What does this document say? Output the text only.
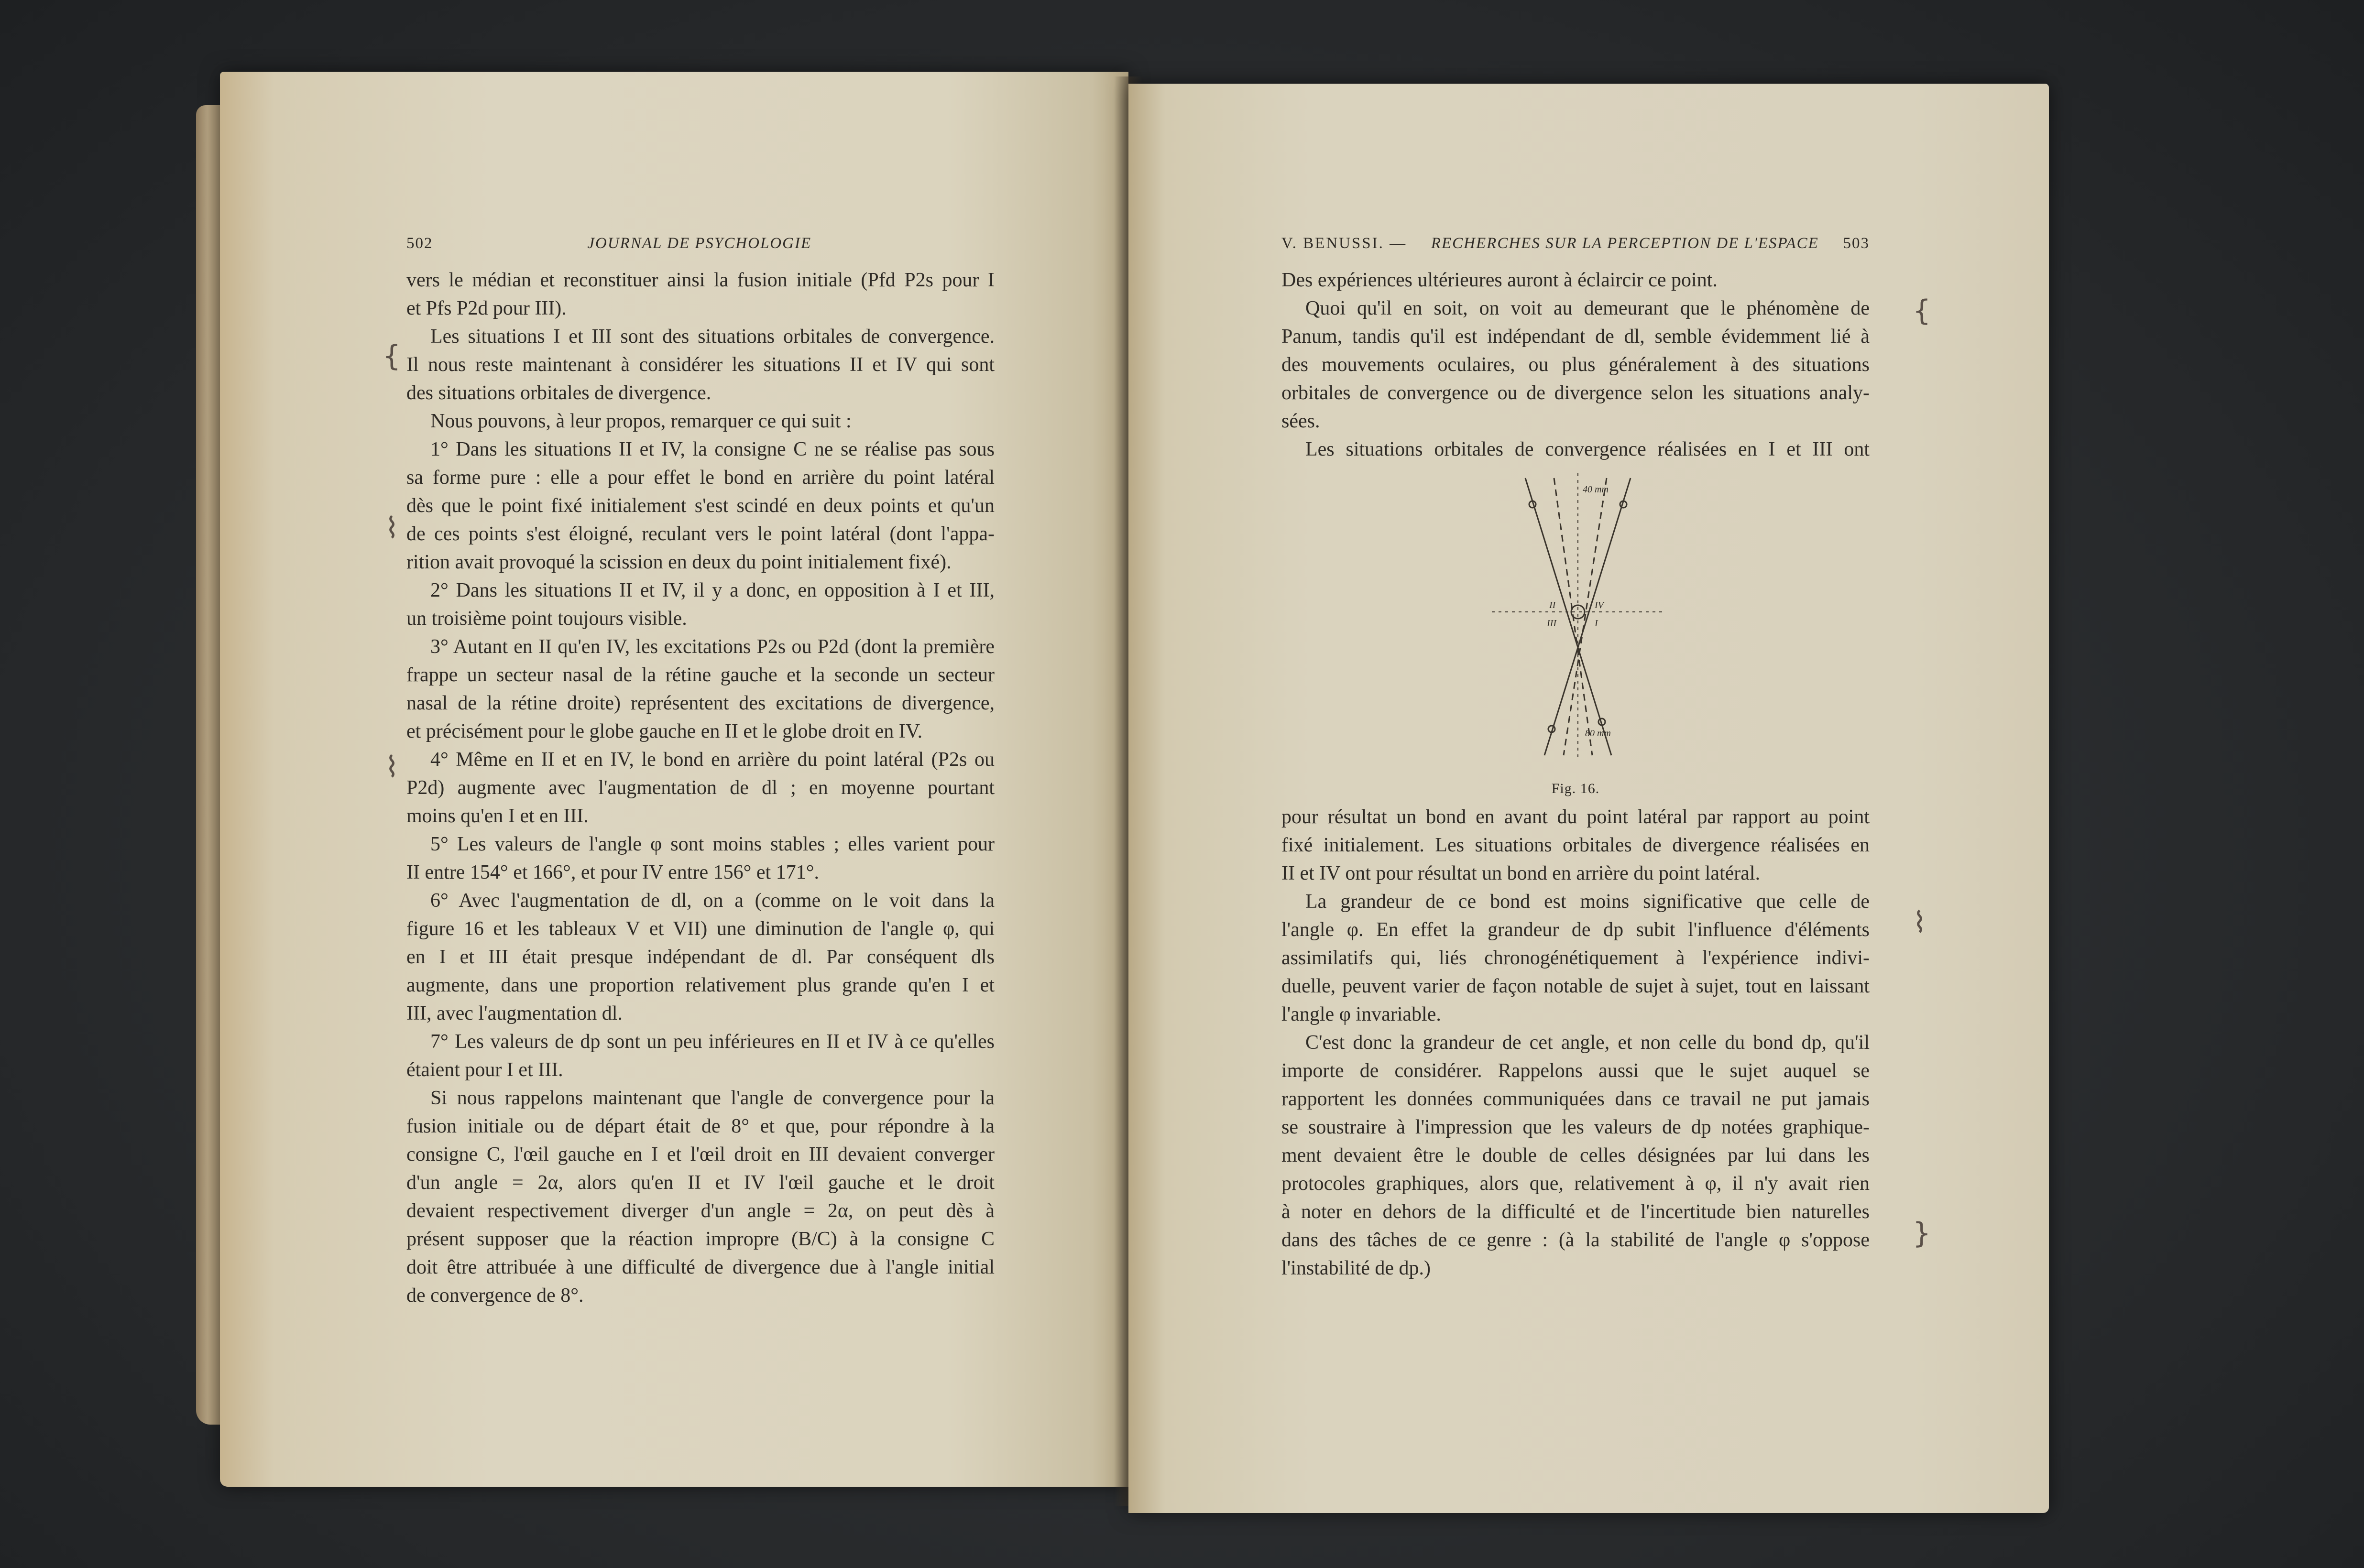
502	JOURNAL DE PSYCHOLOGIE

vers le médian et reconstituer ainsi la fusion initiale (Pfd P2s pour I

et Pfs P2d pour III).

Les situations I et III sont des situations orbitales de convergence.

Il nous reste maintenant à considérer les situations II et IV qui sont

des situations orbitales de divergence.

Nous pouvons, à leur propos, remarquer ce qui suit :

1° Dans les situations II et IV, la consigne C ne se réalise pas sous

sa forme pure : elle a pour effet le bond en arrière du point latéral

dès que le point fixé initialement s'est scindé en deux points et qu'un

de ces points s'est éloigné, reculant vers le point latéral (dont l'appa-

rition avait provoqué la scission en deux du point initialement fixé).

2° Dans les situations II et IV, il y a donc, en opposition à I et III,

un troisième point toujours visible.

3° Autant en II qu'en IV, les excitations P2s ou P2d (dont la première

frappe un secteur nasal de la rétine gauche et la seconde un secteur

nasal de la rétine droite) représentent des excitations de divergence,

et précisément pour le globe gauche en II et le globe droit en IV.

4° Même en II et en IV, le bond en arrière du point latéral (P2s ou

P2d) augmente avec l'augmentation de dl ; en moyenne pourtant

moins qu'en I et en III.

5° Les valeurs de l'angle φ sont moins stables ; elles varient pour

II entre 154° et 166°, et pour IV entre 156° et 171°.

6° Avec l'augmentation de dl, on a (comme on le voit dans la

figure 16 et les tableaux V et VII) une diminution de l'angle φ, qui

en I et III était presque indépendant de dl. Par conséquent dls

augmente, dans une proportion relativement plus grande qu'en I et

III, avec l'augmentation dl.

7° Les valeurs de dp sont un peu inférieures en II et IV à ce qu'elles

étaient pour I et III.

Si nous rappelons maintenant que l'angle de convergence pour la

fusion initiale ou de départ était de 8° et que, pour répondre à la

consigne C, l'œil gauche en I et l'œil droit en III devaient converger

d'un angle = 2α, alors qu'en II et IV l'œil gauche et le droit

devaient respectivement diverger d'un angle = 2α, on peut dès à

présent supposer que la réaction impropre (B/C) à la consigne C

doit être attribuée à une difficulté de divergence due à l'angle initial

de convergence de 8°.

{
⌇
⌇
V. BENUSSI. —	RECHERCHES SUR LA PERCEPTION DE L'ESPACE	503

Des expériences ultérieures auront à éclaircir ce point.

Quoi qu'il en soit, on voit au demeurant que le phénomène de

Panum, tandis qu'il est indépendant de dl, semble évidemment lié à

des mouvements oculaires, ou plus généralement à des situations

orbitales de convergence ou de divergence selon les situations analy-

sées.

Les situations orbitales de convergence réalisées en I et III ont

40 mm
80 mm
II	IV
III	I
Fig. 16.

pour résultat un bond en avant du point latéral par rapport au point

fixé initialement. Les situations orbitales de divergence réalisées en

II et IV ont pour résultat un bond en arrière du point latéral.

La grandeur de ce bond est moins significative que celle de

l'angle φ. En effet la grandeur de dp subit l'influence d'éléments

assimilatifs qui, liés chronogénétiquement à l'expérience indivi-

duelle, peuvent varier de façon notable de sujet à sujet, tout en laissant

l'angle φ invariable.

C'est donc la grandeur de cet angle, et non celle du bond dp, qu'il

importe de considérer. Rappelons aussi que le sujet auquel se

rapportent les données communiquées dans ce travail ne put jamais

se soustraire à l'impression que les valeurs de dp notées graphique-

ment devaient être le double de celles désignées par lui dans les

protocoles graphiques, alors que, relativement à φ, il n'y avait rien

à noter en dehors de la difficulté et de l'incertitude bien naturelles

dans des tâches de ce genre : (à la stabilité de l'angle φ s'oppose

l'instabilité de dp.)

{
⌇
}
